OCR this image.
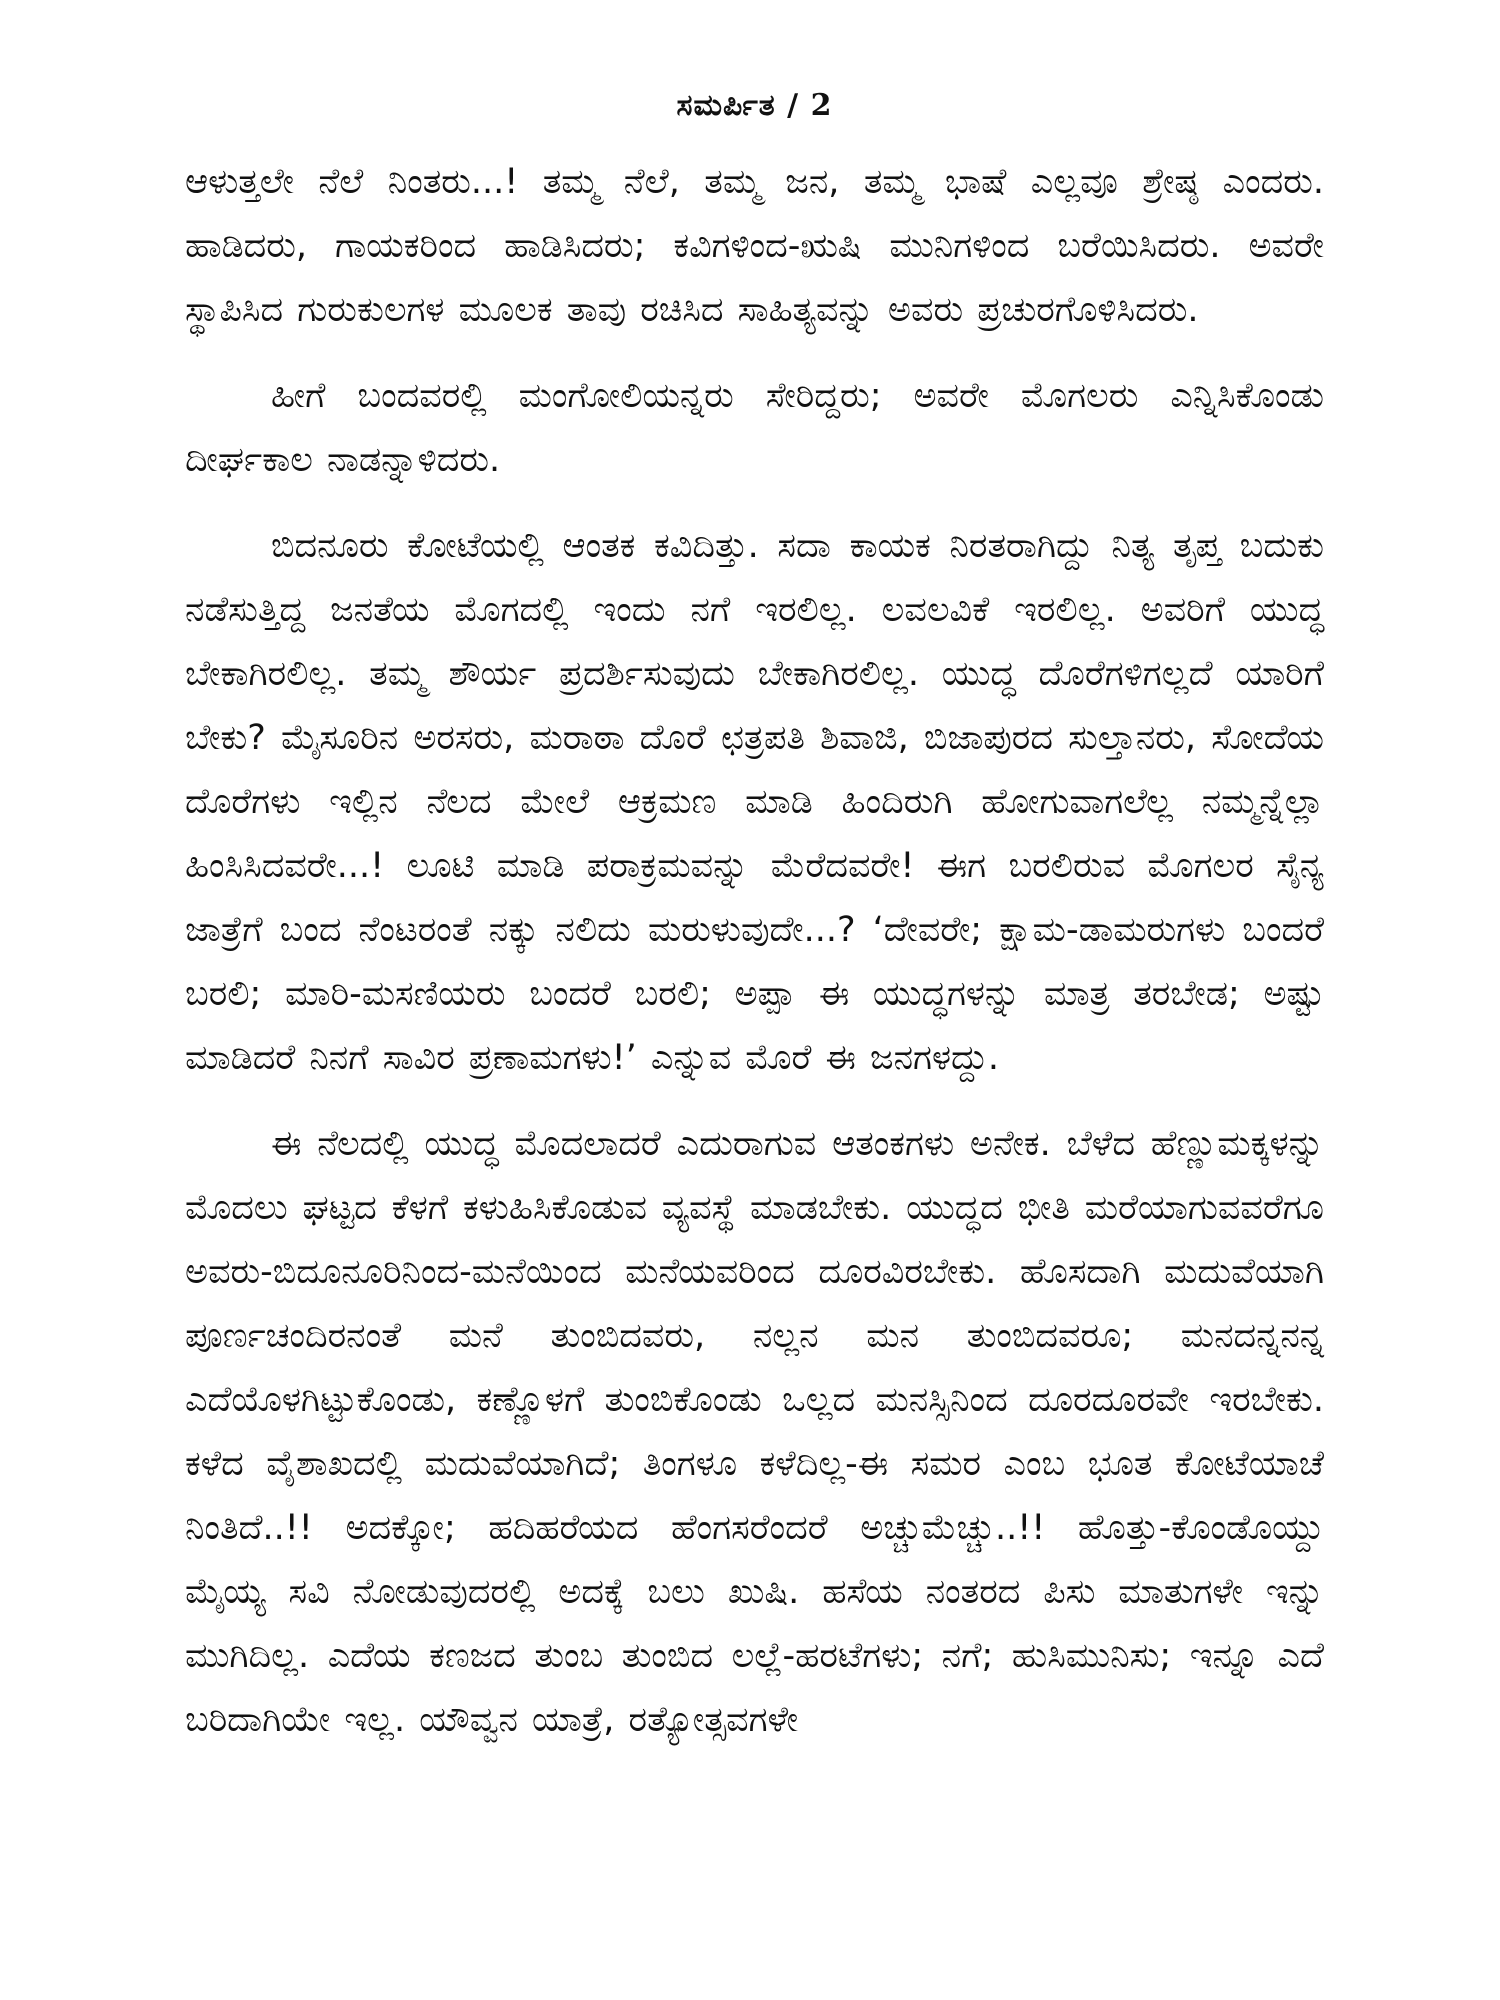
ಸಮರ್ಪಿತ / 2

ಆಳುತ್ತಲೇ ನೆಲೆ ನಿಂತರು...! ತಮ್ಮ ನೆಲೆ, ತಮ್ಮ ಜನ, ತಮ್ಮ ಭಾಷೆ ಎಲ್ಲವೂ ಶ್ರೇಷ್ಠ ಎಂದರು. ಹಾಡಿದರು, ಗಾಯಕರಿಂದ ಹಾಡಿಸಿದರು; ಕವಿಗಳಿಂದ-ಋಷಿ ಮುನಿಗಳಿಂದ ಬರೆಯಿಸಿದರು. ಅವರೇ ಸ್ಥಾಪಿಸಿದ ಗುರುಕುಲಗಳ ಮೂಲಕ ತಾವು ರಚಿಸಿದ ಸಾಹಿತ್ಯವನ್ನು ಅವರು ಪ್ರಚುರಗೊಳಿಸಿದರು.

ಹೀಗೆ ಬಂದವರಲ್ಲಿ ಮಂಗೋಲಿಯನ್ನರು ಸೇರಿದ್ದರು; ಅವರೇ ಮೊಗಲರು ಎನ್ನಿಸಿಕೊಂಡು ದೀರ್ಘಕಾಲ ನಾಡನ್ನಾಳಿದರು.

ಬಿದನೂರು ಕೋಟೆಯಲ್ಲಿ ಆಂತಕ ಕವಿದಿತ್ತು. ಸದಾ ಕಾಯಕ ನಿರತರಾಗಿದ್ದು ನಿತ್ಯ ತೃಪ್ತ ಬದುಕು ನಡೆಸುತ್ತಿದ್ದ ಜನತೆಯ ಮೊಗದಲ್ಲಿ ಇಂದು ನಗೆ ಇರಲಿಲ್ಲ. ಲವಲವಿಕೆ ಇರಲಿಲ್ಲ. ಅವರಿಗೆ ಯುದ್ಧ ಬೇಕಾಗಿರಲಿಲ್ಲ. ತಮ್ಮ ಶೌರ್ಯ ಪ್ರದರ್ಶಿಸುವುದು ಬೇಕಾಗಿರಲಿಲ್ಲ. ಯುದ್ಧ ದೊರೆಗಳಿಗಲ್ಲದೆ ಯಾರಿಗೆ ಬೇಕು? ಮೈಸೂರಿನ ಅರಸರು, ಮರಾಠಾ ದೊರೆ ಛತ್ರಪತಿ ಶಿವಾಜಿ, ಬಿಜಾಪುರದ ಸುಲ್ತಾನರು, ಸೋದೆಯ ದೊರೆಗಳು ಇಲ್ಲಿನ ನೆಲದ ಮೇಲೆ ಆಕ್ರಮಣ ಮಾಡಿ ಹಿಂದಿರುಗಿ ಹೋಗುವಾಗಲೆಲ್ಲ ನಮ್ಮನ್ನೆಲ್ಲಾ ಹಿಂಸಿಸಿದವರೇ...! ಲೂಟಿ ಮಾಡಿ ಪರಾಕ್ರಮವನ್ನು ಮೆರೆದವರೇ! ಈಗ ಬರಲಿರುವ ಮೊಗಲರ ಸೈನ್ಯ ಜಾತ್ರೆಗೆ ಬಂದ ನೆಂಟರಂತೆ ನಕ್ಕು ನಲಿದು ಮರುಳುವುದೇ...? ‘ದೇವರೇ; ಕ್ಷಾಮ-ಡಾಮರುಗಳು ಬಂದರೆ ಬರಲಿ; ಮಾರಿ-ಮಸಣಿಯರು ಬಂದರೆ ಬರಲಿ; ಅಪ್ಪಾ ಈ ಯುದ್ಧಗಳನ್ನು ಮಾತ್ರ ತರಬೇಡ; ಅಷ್ಟು ಮಾಡಿದರೆ ನಿನಗೆ ಸಾವಿರ ಪ್ರಣಾಮಗಳು!’ ಎನ್ನುವ ಮೊರೆ ಈ ಜನಗಳದ್ದು.

ಈ ನೆಲದಲ್ಲಿ ಯುದ್ಧ ಮೊದಲಾದರೆ ಎದುರಾಗುವ ಆತಂಕಗಳು ಅನೇಕ. ಬೆಳೆದ ಹೆಣ್ಣುಮಕ್ಕಳನ್ನು ಮೊದಲು ಘಟ್ಟದ ಕೆಳಗೆ ಕಳುಹಿಸಿಕೊಡುವ ವ್ಯವಸ್ಥೆ ಮಾಡಬೇಕು. ಯುದ್ಧದ ಭೀತಿ ಮರೆಯಾಗುವವರೆಗೂ ಅವರು-ಬಿದೂನೂರಿನಿಂದ-ಮನೆಯಿಂದ ಮನೆಯವರಿಂದ ದೂರವಿರಬೇಕು. ಹೊಸದಾಗಿ ಮದುವೆಯಾಗಿ ಪೂರ್ಣಚಂದಿರನಂತೆ ಮನೆ ತುಂಬಿದವರು, ನಲ್ಲನ ಮನ ತುಂಬಿದವರೂ; ಮನದನ್ನನನ್ನ ಎದೆಯೊಳಗಿಟ್ಟುಕೊಂಡು, ಕಣ್ಣೊಳಗೆ ತುಂಬಿಕೊಂಡು ಒಲ್ಲದ ಮನಸ್ಸಿನಿಂದ ದೂರದೂರವೇ ಇರಬೇಕು. ಕಳೆದ ವೈಶಾಖದಲ್ಲಿ ಮದುವೆಯಾಗಿದೆ; ತಿಂಗಳೂ ಕಳೆದಿಲ್ಲ-ಈ ಸಮರ ಎಂಬ ಭೂತ ಕೋಟೆಯಾಚೆ ನಿಂತಿದೆ..!! ಅದಕ್ಕೋ; ಹದಿಹರೆಯದ ಹೆಂಗಸರೆಂದರೆ ಅಚ್ಚುಮೆಚ್ಚು..!! ಹೊತ್ತು-ಕೊಂಡೊಯ್ದು ಮೈಯ್ಯ ಸವಿ ನೋಡುವುದರಲ್ಲಿ ಅದಕ್ಕೆ ಬಲು ಖುಷಿ. ಹಸೆಯ ನಂತರದ ಪಿಸು ಮಾತುಗಳೇ ಇನ್ನು ಮುಗಿದಿಲ್ಲ. ಎದೆಯ ಕಣಜದ ತುಂಬ ತುಂಬಿದ ಲಲ್ಲೆ-ಹರಟೆಗಳು; ನಗೆ; ಹುಸಿಮುನಿಸು; ಇನ್ನೂ ಎದೆ ಬರಿದಾಗಿಯೇ ಇಲ್ಲ. ಯೌವ್ವನ ಯಾತ್ರೆ, ರತ್ಯೋತ್ಸವಗಳೇ
